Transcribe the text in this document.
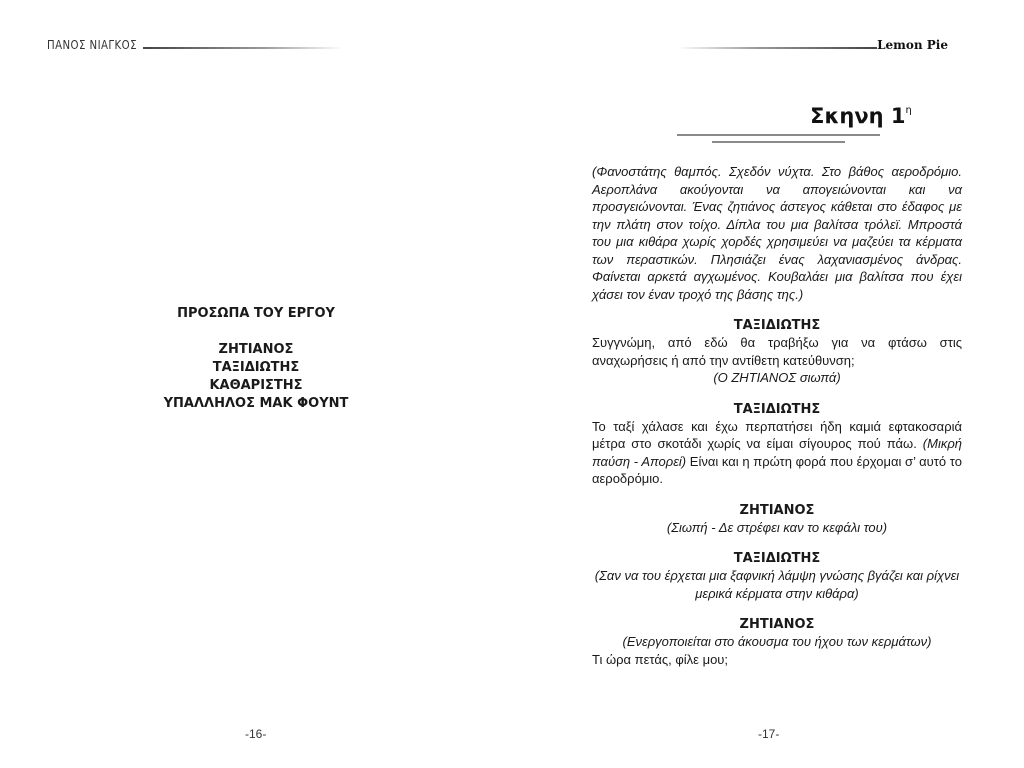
ΠΑΝΟΣ ΝΙΑΓΚΟΣ
ΠΡΟΣΩΠΑ ΤΟΥ ΕΡΓΟΥ
ΖΗΤΙΑΝΟΣ
ΤΑΞΙΔΙΩΤΗΣ
ΚΑΘΑΡΙΣΤΗΣ
ΥΠΑΛΛΗΛΟΣ ΜΑΚ ΦΟΥΝΤ
-16-
Lemon Pie
Σκηνη $1^\eta$

(Φανοστάτης θαμπός. Σχεδόν νύχτα. Στο βάθος αεροδρόμιο. Αεροπλάνα ακούγονται να απογειώνονται και να προσγειώνονται. Ένας ζητιάνος άστεγος κάθεται στο έδαφος με την πλάτη στον τοίχο. Δίπλα του μια βαλίτσα τρόλεϊ. Μπροστά του μια κιθάρα χωρίς χορδές χρησιμεύει να μαζεύει τα κέρματα των περαστικών. Πλησιάζει ένας λαχανιασμένος άνδρας. Φαίνεται αρκετά αγχωμένος. Κουβαλάει μια βαλίτσα που έχει χάσει τον έναν τροχό της βάσης της.)

ΤΑΞΙΔΙΩΤΗΣ

Συγγνώμη, από εδώ θα τραβήξω για να φτάσω στις αναχωρήσεις ή από την αντίθετη κατεύθυνση;

(Ο ΖΗΤΙΑΝΟΣ σιωπά)

ΤΑΞΙΔΙΩΤΗΣ

Το ταξί χάλασε και έχω περπατήσει ήδη καμιά εφτακοσαριά μέτρα στο σκοτάδι χωρίς να είμαι σίγουρος πού πάω. (Μικρή παύση - Απορεί) Είναι και η πρώτη φορά που έρχομαι σ’ αυτό το αεροδρόμιο.

ΖΗΤΙΑΝΟΣ

(Σιωπή - Δε στρέφει καν το κεφάλι του)

ΤΑΞΙΔΙΩΤΗΣ

(Σαν να του έρχεται μια ξαφνική λάμψη γνώσης βγάζει και ρίχνει μερικά κέρματα στην κιθάρα)

ΖΗΤΙΑΝΟΣ

(Ενεργοποιείται στο άκουσμα του ήχου των κερμάτων)

Τι ώρα πετάς, φίλε μου;

-17-
